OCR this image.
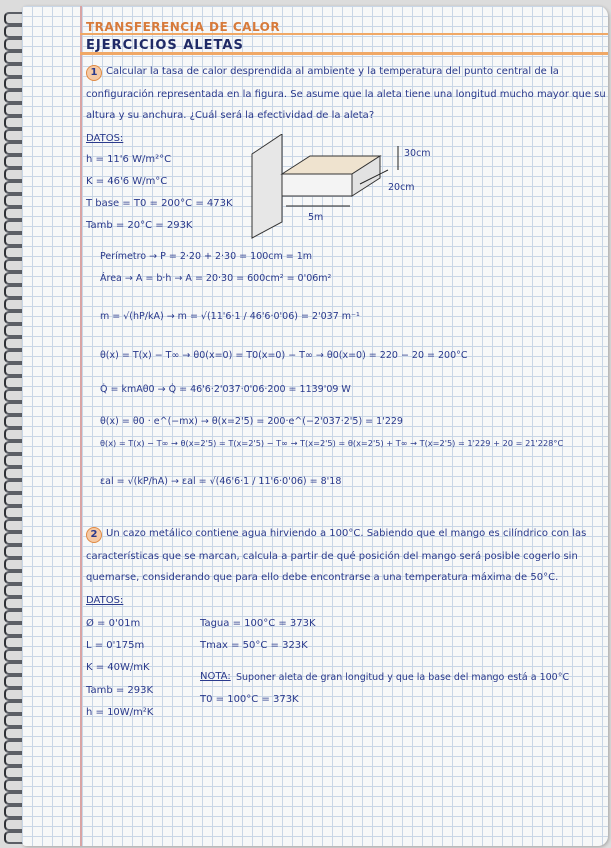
TRANSFERENCIA DE CALOR
EJERCICIOS ALETAS
1 Calcular la tasa de calor desprendida al ambiente y la temperatura del punto central de la
configuración representada en la figura. Se asume que la aleta tiene una longitud mucho mayor que su
altura y su anchura. ¿Cuál será la efectividad de la aleta?
DATOS:
h = 11'6 W/m²°C
K = 46'6 W/m°C
T base = T0 = 200°C = 473K
Tamb = 20°C = 293K
30cm
20cm
5m
Perímetro → P = 2·20 + 2·30 = 100cm = 1m
Área → A = b·h → A = 20·30 = 600cm² = 0'06m²
m = √(hP/kA) → m = √(11'6·1 / 46'6·0'06) = 2'037 m⁻¹
θ(x) = T(x) − T∞ → θ0(x=0) = T0(x=0) − T∞ → θ0(x=0) = 220 − 20 = 200°C
Q̇ = kmAθ0 → Q̇ = 46'6·2'037·0'06·200 = 1139'09 W
θ(x) = θ0 · e^(−mx) → θ(x=2'5) = 200·e^(−2'037·2'5) = 1'229
θ(x) = T(x) − T∞ → θ(x=2'5) = T(x=2'5) − T∞ → T(x=2'5) = θ(x=2'5) + T∞ → T(x=2'5) = 1'229 + 20 = 21'228°C
εal = √(kP/hA) → εal = √(46'6·1 / 11'6·0'06) = 8'18
2 Un cazo metálico contiene agua hirviendo a 100°C. Sabiendo que el mango es cilíndrico con las
características que se marcan, calcula a partir de qué posición del mango será posible cogerlo sin
quemarse, considerando que para ello debe encontrarse a una temperatura máxima de 50°C.
DATOS:
Ø = 0'01m
L = 0'175m
K = 40W/mK
Tamb = 293K
h = 10W/m²K
Tagua = 100°C = 373K
Tmax = 50°C = 323K
NOTA: Suponer aleta de gran longitud y que la base del mango está a 100°C
T0 = 100°C = 373K
